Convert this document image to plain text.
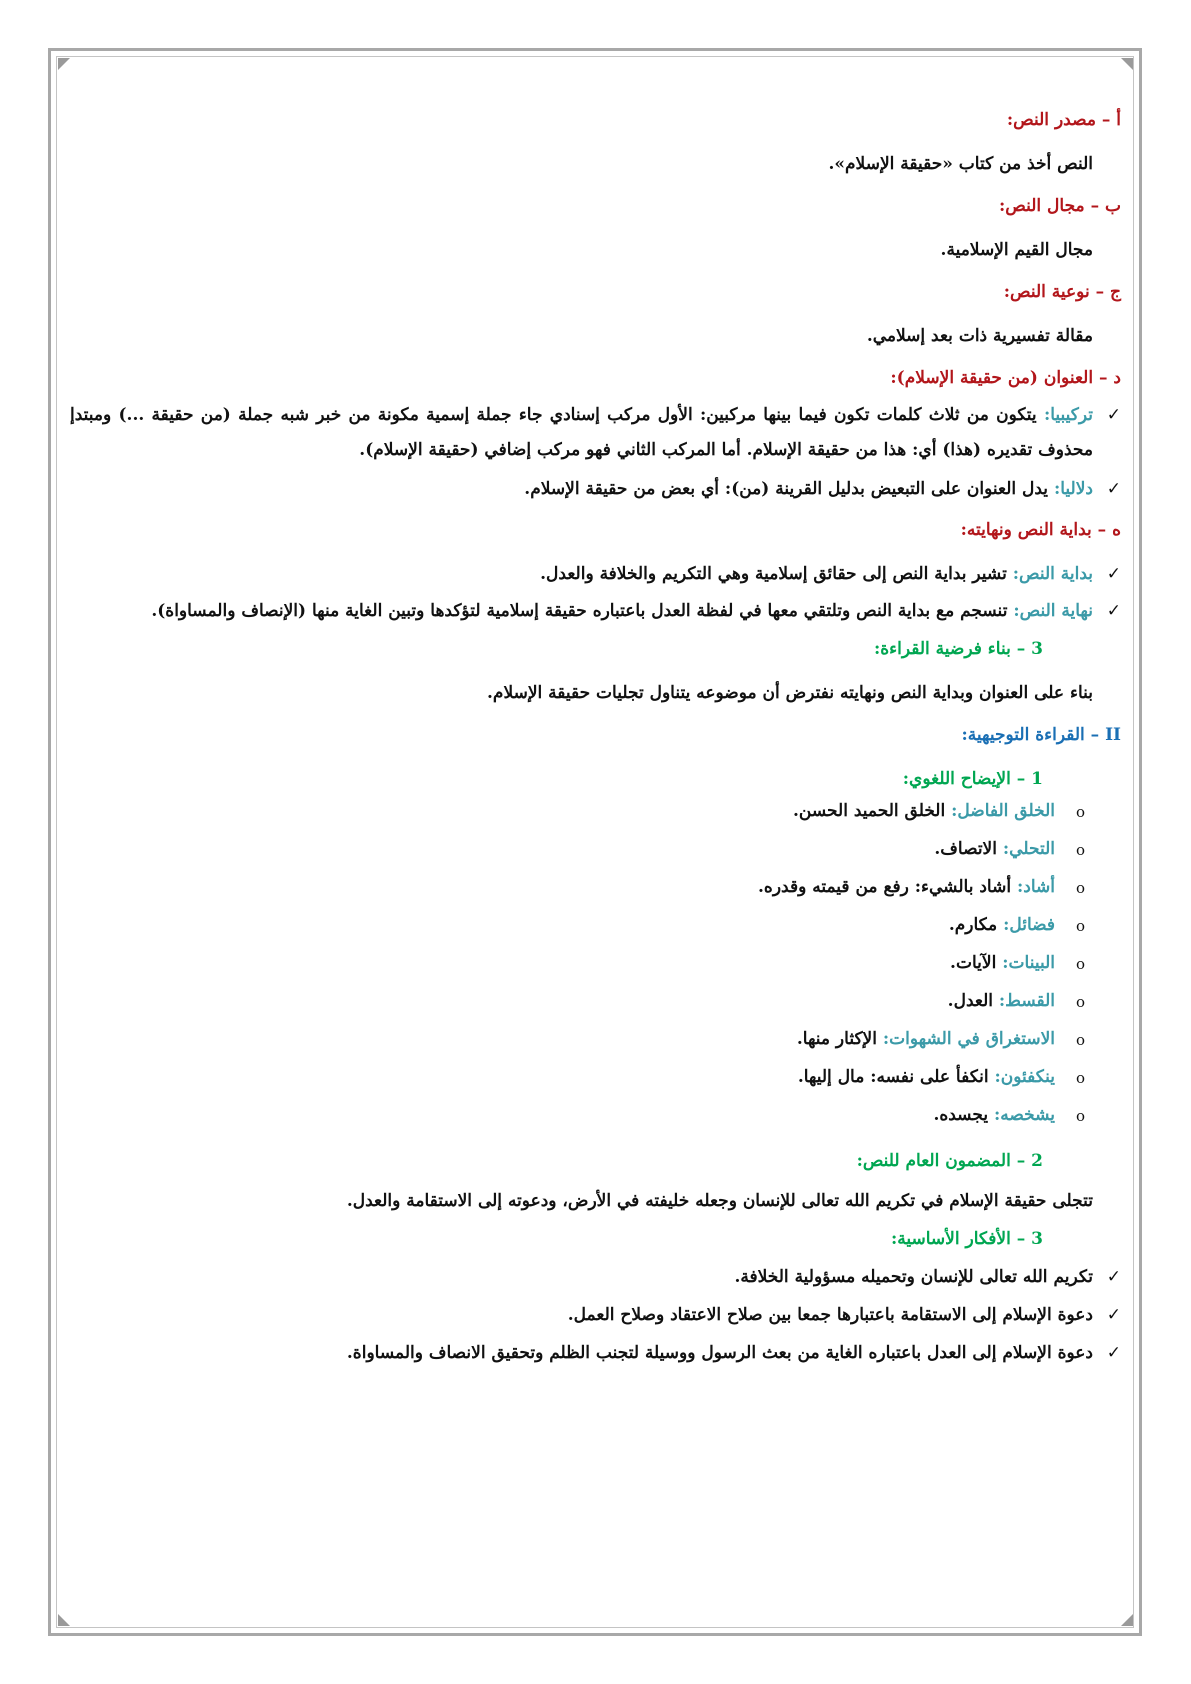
أ – مصدر النص:
النص أخذ من كتاب «حقيقة الإسلام».
ب – مجال النص:
مجال القيم الإسلامية.
ج – نوعية النص:
مقالة تفسيرية ذات بعد إسلامي.
د – العنوان (من حقيقة الإسلام):
✓
تركيبيا: يتكون من ثلاث كلمات تكون فيما بينها مركبين: الأول مركب إسنادي جاء جملة إسمية مكونة من خبر شبه جملة (من حقيقة ...) ومبتدإ محذوف تقديره (هذا) أي: هذا من حقيقة الإسلام. أما المركب الثاني فهو مركب إضافي (حقيقة الإسلام).
✓
دلاليا: يدل العنوان على التبعيض بدليل القرينة (من): أي بعض من حقيقة الإسلام.
ه – بداية النص ونهايته:
✓
بداية النص: تشير بداية النص إلى حقائق إسلامية وهي التكريم والخلافة والعدل.
✓
نهاية النص: تنسجم مع بداية النص وتلتقي معها في لفظة العدل باعتباره حقيقة إسلامية لتؤكدها وتبين الغاية منها (الإنصاف والمساواة).
3 – بناء فرضية القراءة:
بناء على العنوان وبداية النص ونهايته نفترض أن موضوعه يتناول تجليات حقيقة الإسلام.
II – القراءة التوجيهية:
1 – الإيضاح اللغوي:
o
الخلق الفاضل: الخلق الحميد الحسن.
o
التحلي: الاتصاف.
o
أشاد: أشاد بالشيء: رفع من قيمته وقدره.
o
فضائل: مكارم.
o
البينات: الآيات.
o
القسط: العدل.
o
الاستغراق في الشهوات: الإكثار منها.
o
ينكفئون: انكفأ على نفسه: مال إليها.
o
يشخصه: يجسده.
2 – المضمون العام للنص:
تتجلى حقيقة الإسلام في تكريم الله تعالى للإنسان وجعله خليفته في الأرض، ودعوته إلى الاستقامة والعدل.
3 – الأفكار الأساسية:
✓
تكريم الله تعالى للإنسان وتحميله مسؤولية الخلافة.
✓
دعوة الإسلام إلى الاستقامة باعتبارها جمعا بين صلاح الاعتقاد وصلاح العمل.
✓
دعوة الإسلام إلى العدل باعتباره الغاية من بعث الرسول ووسيلة لتجنب الظلم وتحقيق الانصاف والمساواة.
